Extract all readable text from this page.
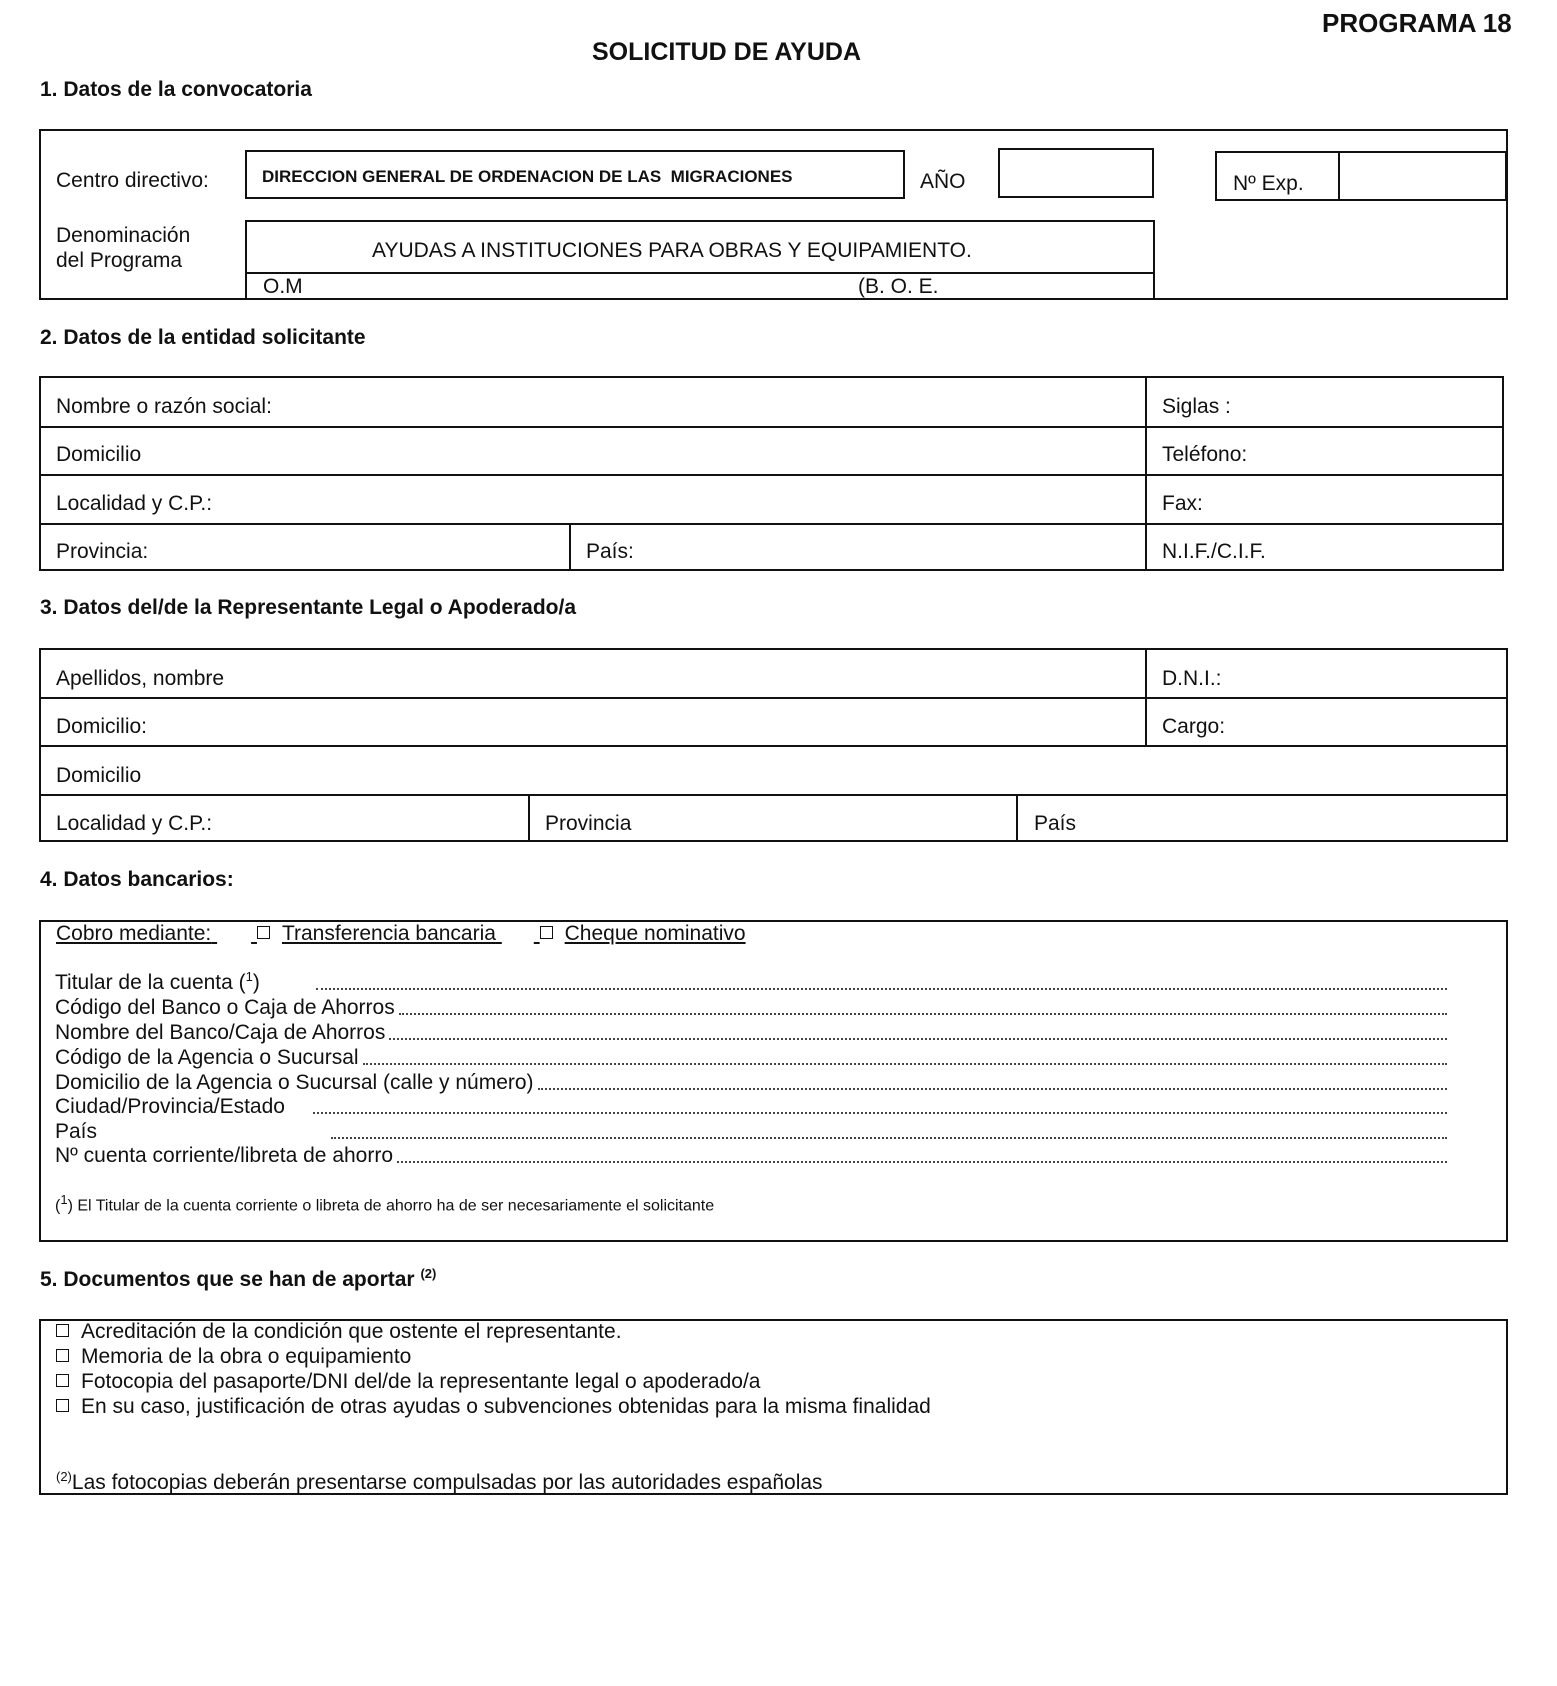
PROGRAMA 18
SOLICITUD DE AYUDA
1. Datos de la convocatoria
Centro directivo:	DIRECCION GENERAL DE ORDENACION DE LAS  MIGRACIONES	AÑO	Nº Exp.
Denominación
del Programa	AYUDAS A INSTITUCIONES PARA OBRAS Y EQUIPAMIENTO.
O.M	(B. O. E.
2. Datos de la entidad solicitante
Nombre o razón social:	Siglas :
Domicilio	Teléfono:
Localidad y C.P.:	Fax:
Provincia:	País:	N.I.F./C.I.F.
3. Datos del/de la Representante Legal o Apoderado/a
Apellidos, nombre	D.N.I.:
Domicilio:	Cargo:
Domicilio
Localidad y C.P.:	Provincia	País
4. Datos bancarios:
Cobro mediante:	Transferencia bancaria	Cheque nominativo
Titular de la cuenta ($^1$)
Código del Banco o Caja de Ahorros
Nombre del Banco/Caja de Ahorros
Código de la Agencia o Sucursal
Domicilio de la Agencia o Sucursal (calle y número)
Ciudad/Provincia/Estado
País
Nº cuenta corriente/libreta de ahorro
($^1$) El Titular de la cuenta corriente o libreta de ahorro ha de ser necesariamente el solicitante
5. Documentos que se han de aportar $^{(2)}$
Acreditación de la condición que ostente el representante.
Memoria de la obra o equipamiento
Fotocopia del pasaporte/DNI del/de la representante legal o apoderado/a
En su caso, justificación de otras ayudas o subvenciones obtenidas para la misma finalidad
$^{(2)}$Las fotocopias deberán presentarse compulsadas por las autoridades españolas
